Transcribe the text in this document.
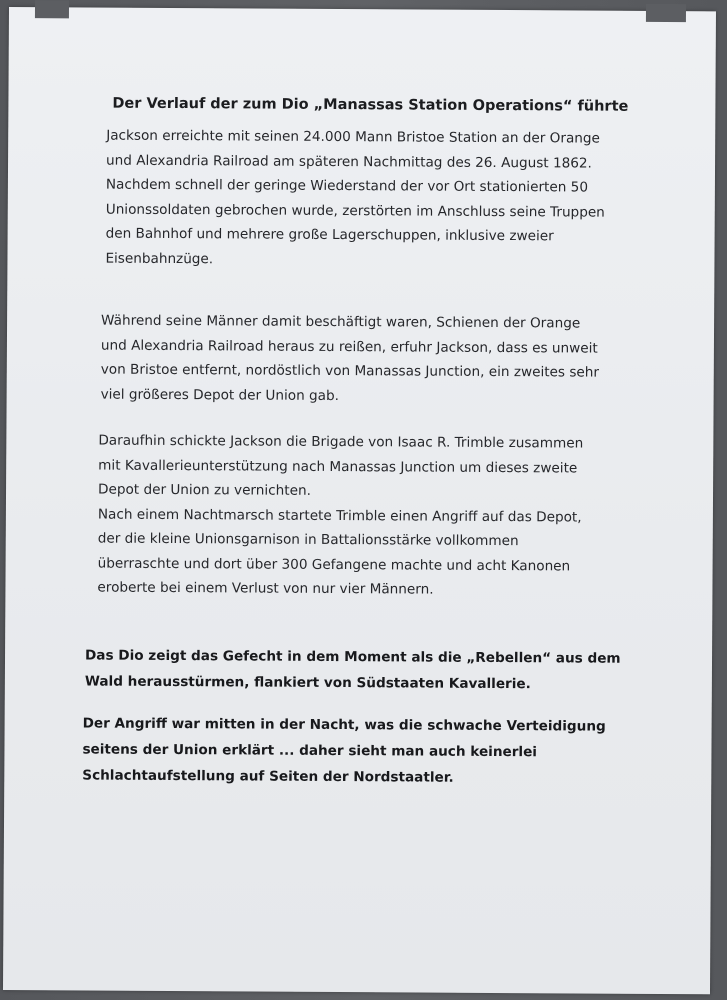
Der Verlauf der zum Dio „Manassas Station Operations“ führte

Jackson erreichte mit seinen 24.000 Mann Bristoe Station an der Orange
und Alexandria Railroad am späteren Nachmittag des 26. August 1862.
Nachdem schnell der geringe Wiederstand der vor Ort stationierten 50
Unionssoldaten gebrochen wurde, zerstörten im Anschluss seine Truppen
den Bahnhof und mehrere große Lagerschuppen, inklusive zweier
Eisenbahnzüge.

Während seine Männer damit beschäftigt waren, Schienen der Orange
und Alexandria Railroad heraus zu reißen, erfuhr Jackson, dass es unweit
von Bristoe entfernt, nordöstlich von Manassas Junction, ein zweites sehr
viel größeres Depot der Union gab.

Daraufhin schickte Jackson die Brigade von Isaac R. Trimble zusammen
mit Kavallerieunterstützung nach Manassas Junction um dieses zweite
Depot der Union zu vernichten.
Nach einem Nachtmarsch startete Trimble einen Angriff auf das Depot,
der die kleine Unionsgarnison in Battalionsstärke vollkommen
überraschte und dort über 300 Gefangene machte und acht Kanonen
eroberte bei einem Verlust von nur vier Männern.

Das Dio zeigt das Gefecht in dem Moment als die „Rebellen“ aus dem
Wald herausstürmen, flankiert von Südstaaten Kavallerie.

Der Angriff war mitten in der Nacht, was die schwache Verteidigung
seitens der Union erklärt ... daher sieht man auch keinerlei
Schlachtaufstellung auf Seiten der Nordstaatler.
